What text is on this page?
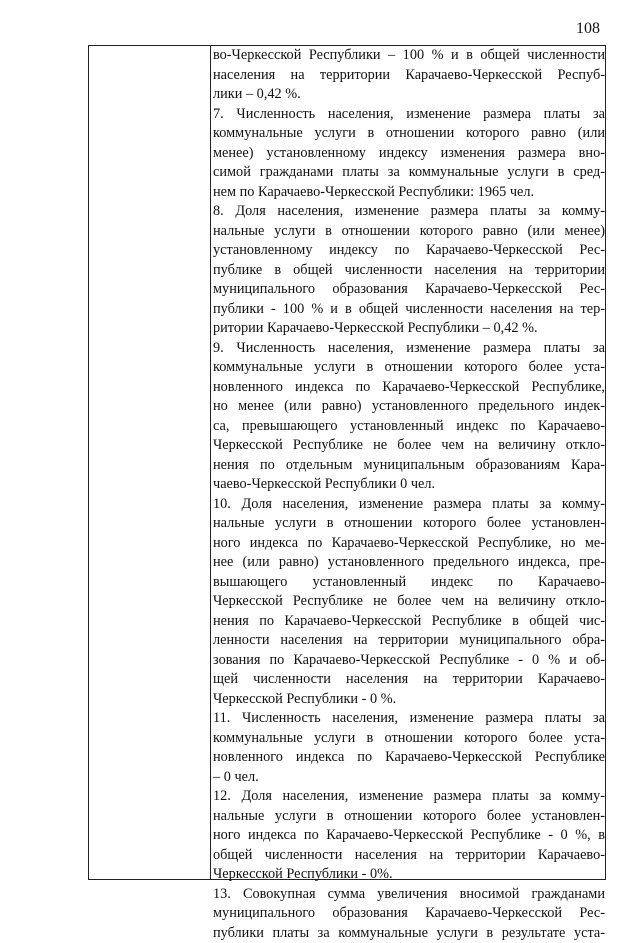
108
во-Черкесской Республики – 100 % и в общей численности
населения на территории Карачаево-Черкесской Респуб-
лики – 0,42 %.
7. Численность населения, изменение размера платы за
коммунальные услуги в отношении которого равно (или
менее) установленному индексу изменения размера вно-
симой гражданами платы за коммунальные услуги в сред-
нем по Карачаево-Черкесской Республики: 1965 чел.
8. Доля населения, изменение размера платы за комму-
нальные услуги в отношении которого равно (или менее)
установленному индексу по Карачаево-Черкесской Рес-
публике в общей численности населения на территории
муниципального образования Карачаево-Черкесской Рес-
публики - 100 % и в общей численности населения на тер-
ритории Карачаево-Черкесской Республики – 0,42 %.
9. Численность населения, изменение размера платы за
коммунальные услуги в отношении которого более уста-
новленного индекса по Карачаево-Черкесской Республике,
но менее (или равно) установленного предельного индек-
са, превышающего установленный индекс по Карачаево-
Черкесской Республике не более чем на величину откло-
нения по отдельным муниципальным образованиям Кара-
чаево-Черкесской Республики 0 чел.
10. Доля населения, изменение размера платы за комму-
нальные услуги в отношении которого более установлен-
ного индекса по Карачаево-Черкесской Республике, но ме-
нее (или равно) установленного предельного индекса, пре-
вышающего установленный индекс по Карачаево-
Черкесской Республике не более чем на величину откло-
нения по Карачаево-Черкесской Республике в общей чис-
ленности населения на территории муниципального обра-
зования по Карачаево-Черкесской Республике - 0 % и об-
щей численности населения на территории Карачаево-
Черкесской Республики - 0 %.
11. Численность населения, изменение размера платы за
коммунальные услуги в отношении которого более уста-
новленного индекса по Карачаево-Черкесской Республике
– 0 чел.
12. Доля населения, изменение размера платы за комму-
нальные услуги в отношении которого более установлен-
ного индекса по Карачаево-Черкесской Республике - 0 %, в
общей численности населения на территории Карачаево-
Черкесской Республики - 0%.
13. Совокупная сумма увеличения вносимой гражданами
муниципального образования Карачаево-Черкесской Рес-
публики платы за коммунальные услуги в результате уста-
